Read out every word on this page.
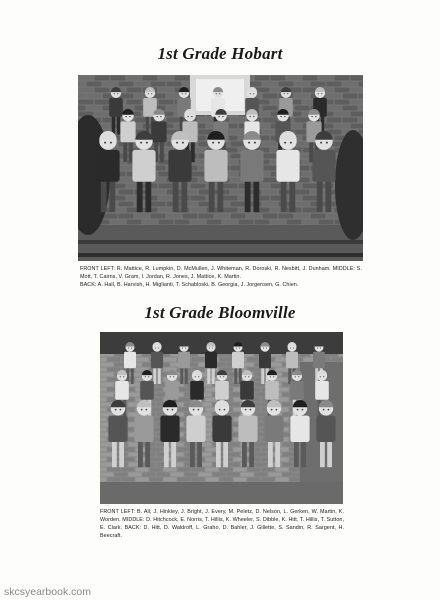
1st Grade Hobart

FRONT LEFT: R. Mattice, R. Lumpkin, D. McMullen, J. Whiteman, R. Doroski, R. Nesbitt, J. Dunham. MIDDLE: S. Mott, T. Cairns, V. Gram, I. Jordan, R. Jones, J. Mattice, K. Martin.

BACK: A. Hall, B. Harvish, H. Miglianti, T. Schabloski, B. Georgia, J. Jorgensen, G. Chien.

1st Grade Bloomville

FRONT LEFT: B. All, J. Hinkley, J. Bright, J. Every, M. Peletz, D. Nelson, L. Gerken, W. Martin, K. Worden. MIDDLE: D. Hitchcock, E. Norris, T. Hillis, K. Wheeler, S. Dibble, K. Hitt, T. Hillis, T. Sutton, E. Clark. BACK: D. Hitt, D. Waldroff, L. Graho, D. Bahler, J. Gillette, S. Sandin, R. Sargent, H. Beecraft.

skcsyearbook.com
